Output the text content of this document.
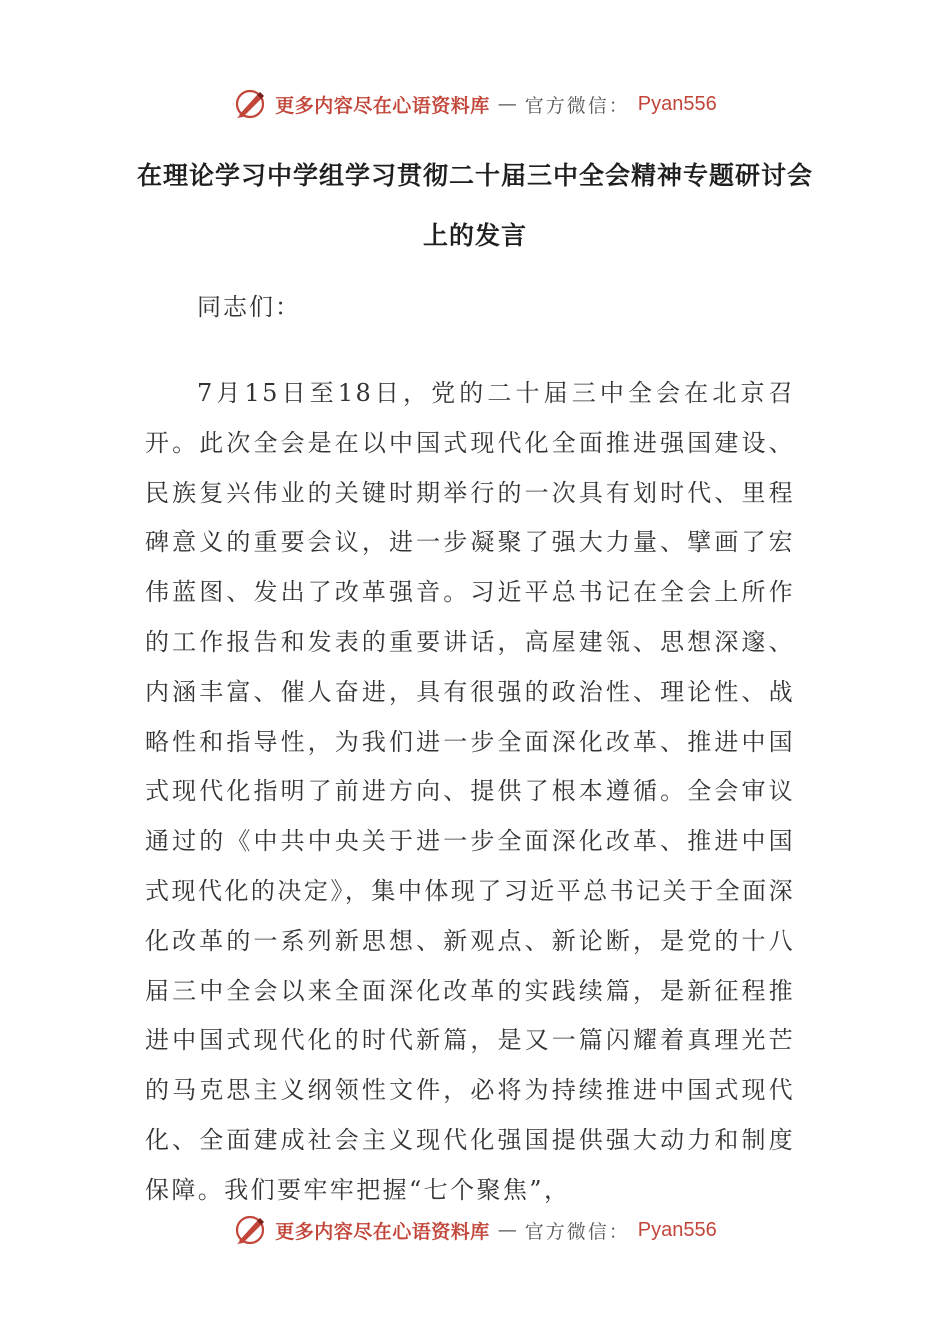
更多内容尽在心语资料库 — 官方微信： Pyan556
在理论学习中学组学习贯彻二十届三中全会精神专题研讨会上的发言
同志们：

7月15日至18日，党的二十届三中全会在北京召开。此次全会是在以中国式现代化全面推进强国建设、民族复兴伟业的关键时期举行的一次具有划时代、里程碑意义的重要会议，进一步凝聚了强大力量、擘画了宏伟蓝图、发出了改革强音。习近平总书记在全会上所作的工作报告和发表的重要讲话，高屋建瓴、思想深邃、内涵丰富、催人奋进，具有很强的政治性、理论性、战略性和指导性，为我们进一步全面深化改革、推进中国式现代化指明了前进方向、提供了根本遵循。全会审议通过的《中共中央关于进一步全面深化改革、推进中国式现代化的决定》，集中体现了习近平总书记关于全面深化改革的一系列新思想、新观点、新论断，是党的十八届三中全会以来全面深化改革的实践续篇，是新征程推进中国式现代化的时代新篇，是又一篇闪耀着真理光芒的马克思主义纲领性文件，必将为持续推进中国式现代化、全面建成社会主义现代化强国提供强大动力和制度保障。我们要牢牢把握“七个聚焦”，

更多内容尽在心语资料库 — 官方微信： Pyan556
